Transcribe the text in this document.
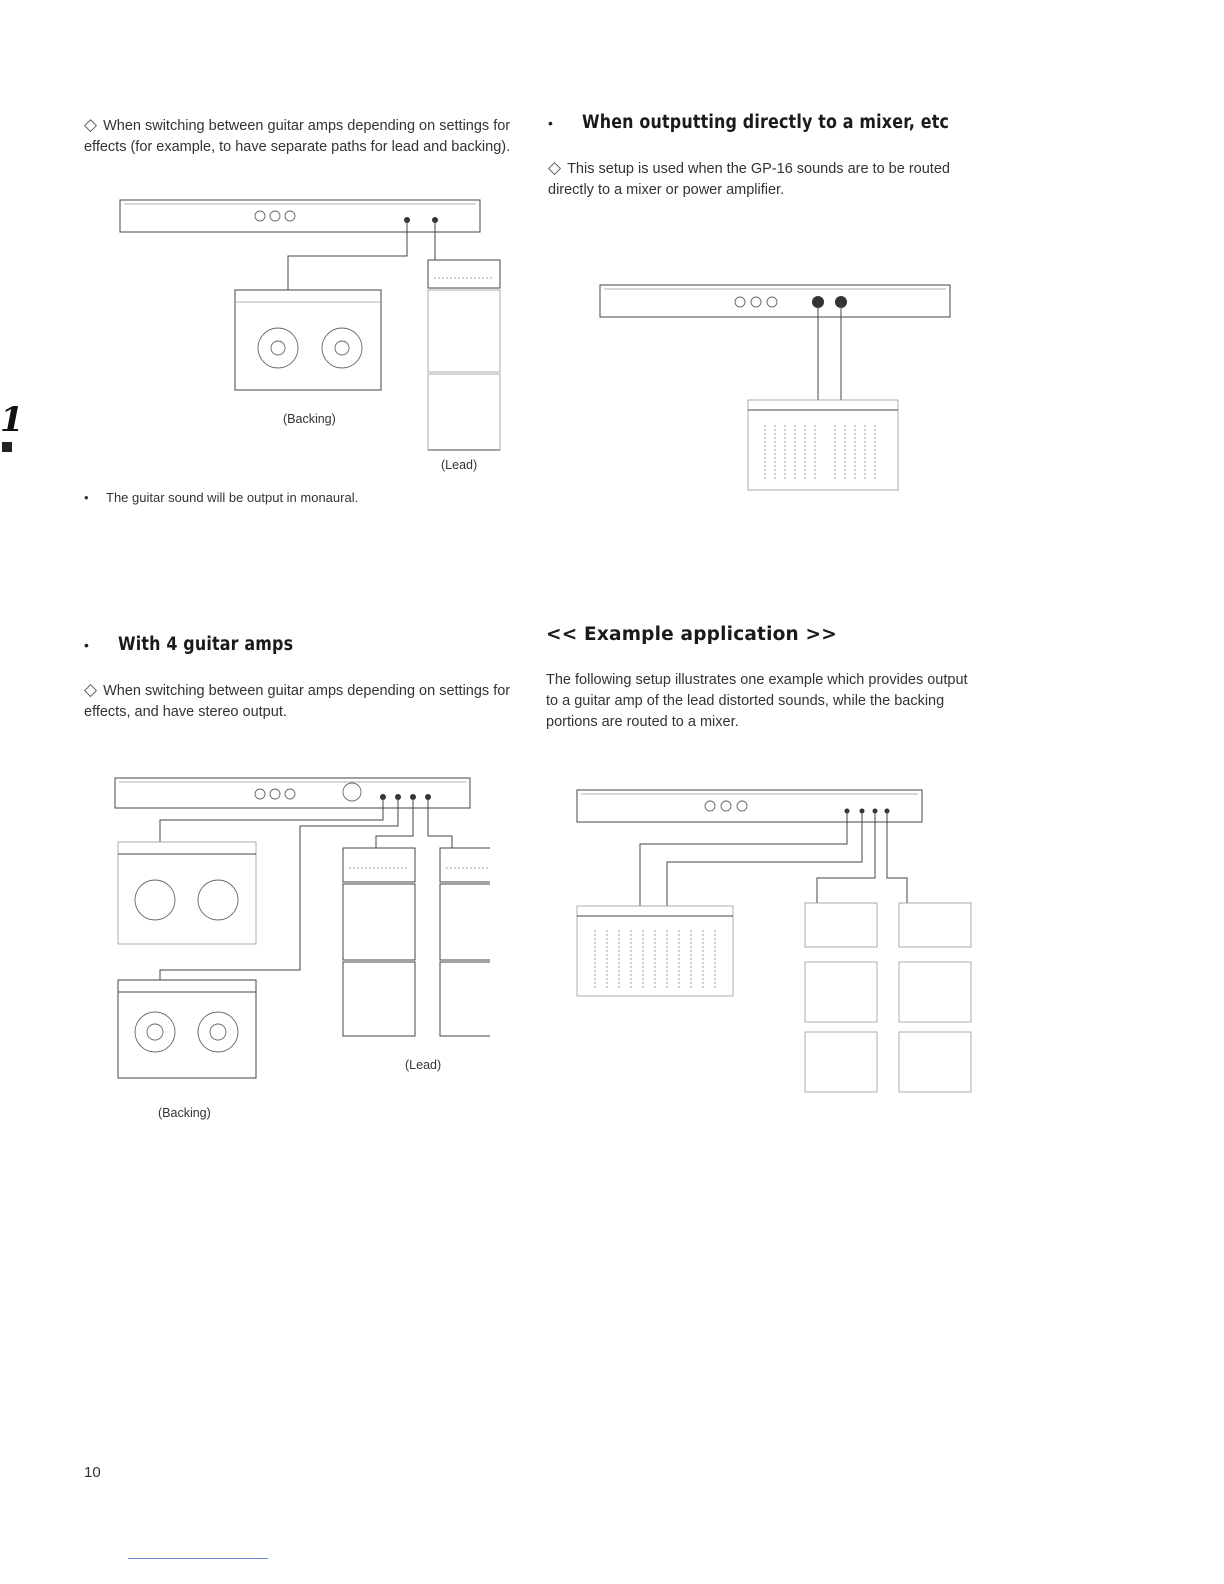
◇ When switching between guitar amps depending on settings for effects (for example, to have separate paths for lead and backing).
(Backing)
(Lead)
• The guitar sound will be output in monaural.
1
•	When outputting directly to a mixer, etc
◇ This setup is used when the GP-16 sounds are to be routed directly to a mixer or power amplifier.
•	With 4 guitar amps
◇ When switching between guitar amps depending on settings for effects, and have stereo output.
(Lead)
(Backing)
<< Example application >>
The following setup illustrates one example which provides output to a guitar amp of the lead distorted sounds, while the backing portions are routed to a mixer.
10
